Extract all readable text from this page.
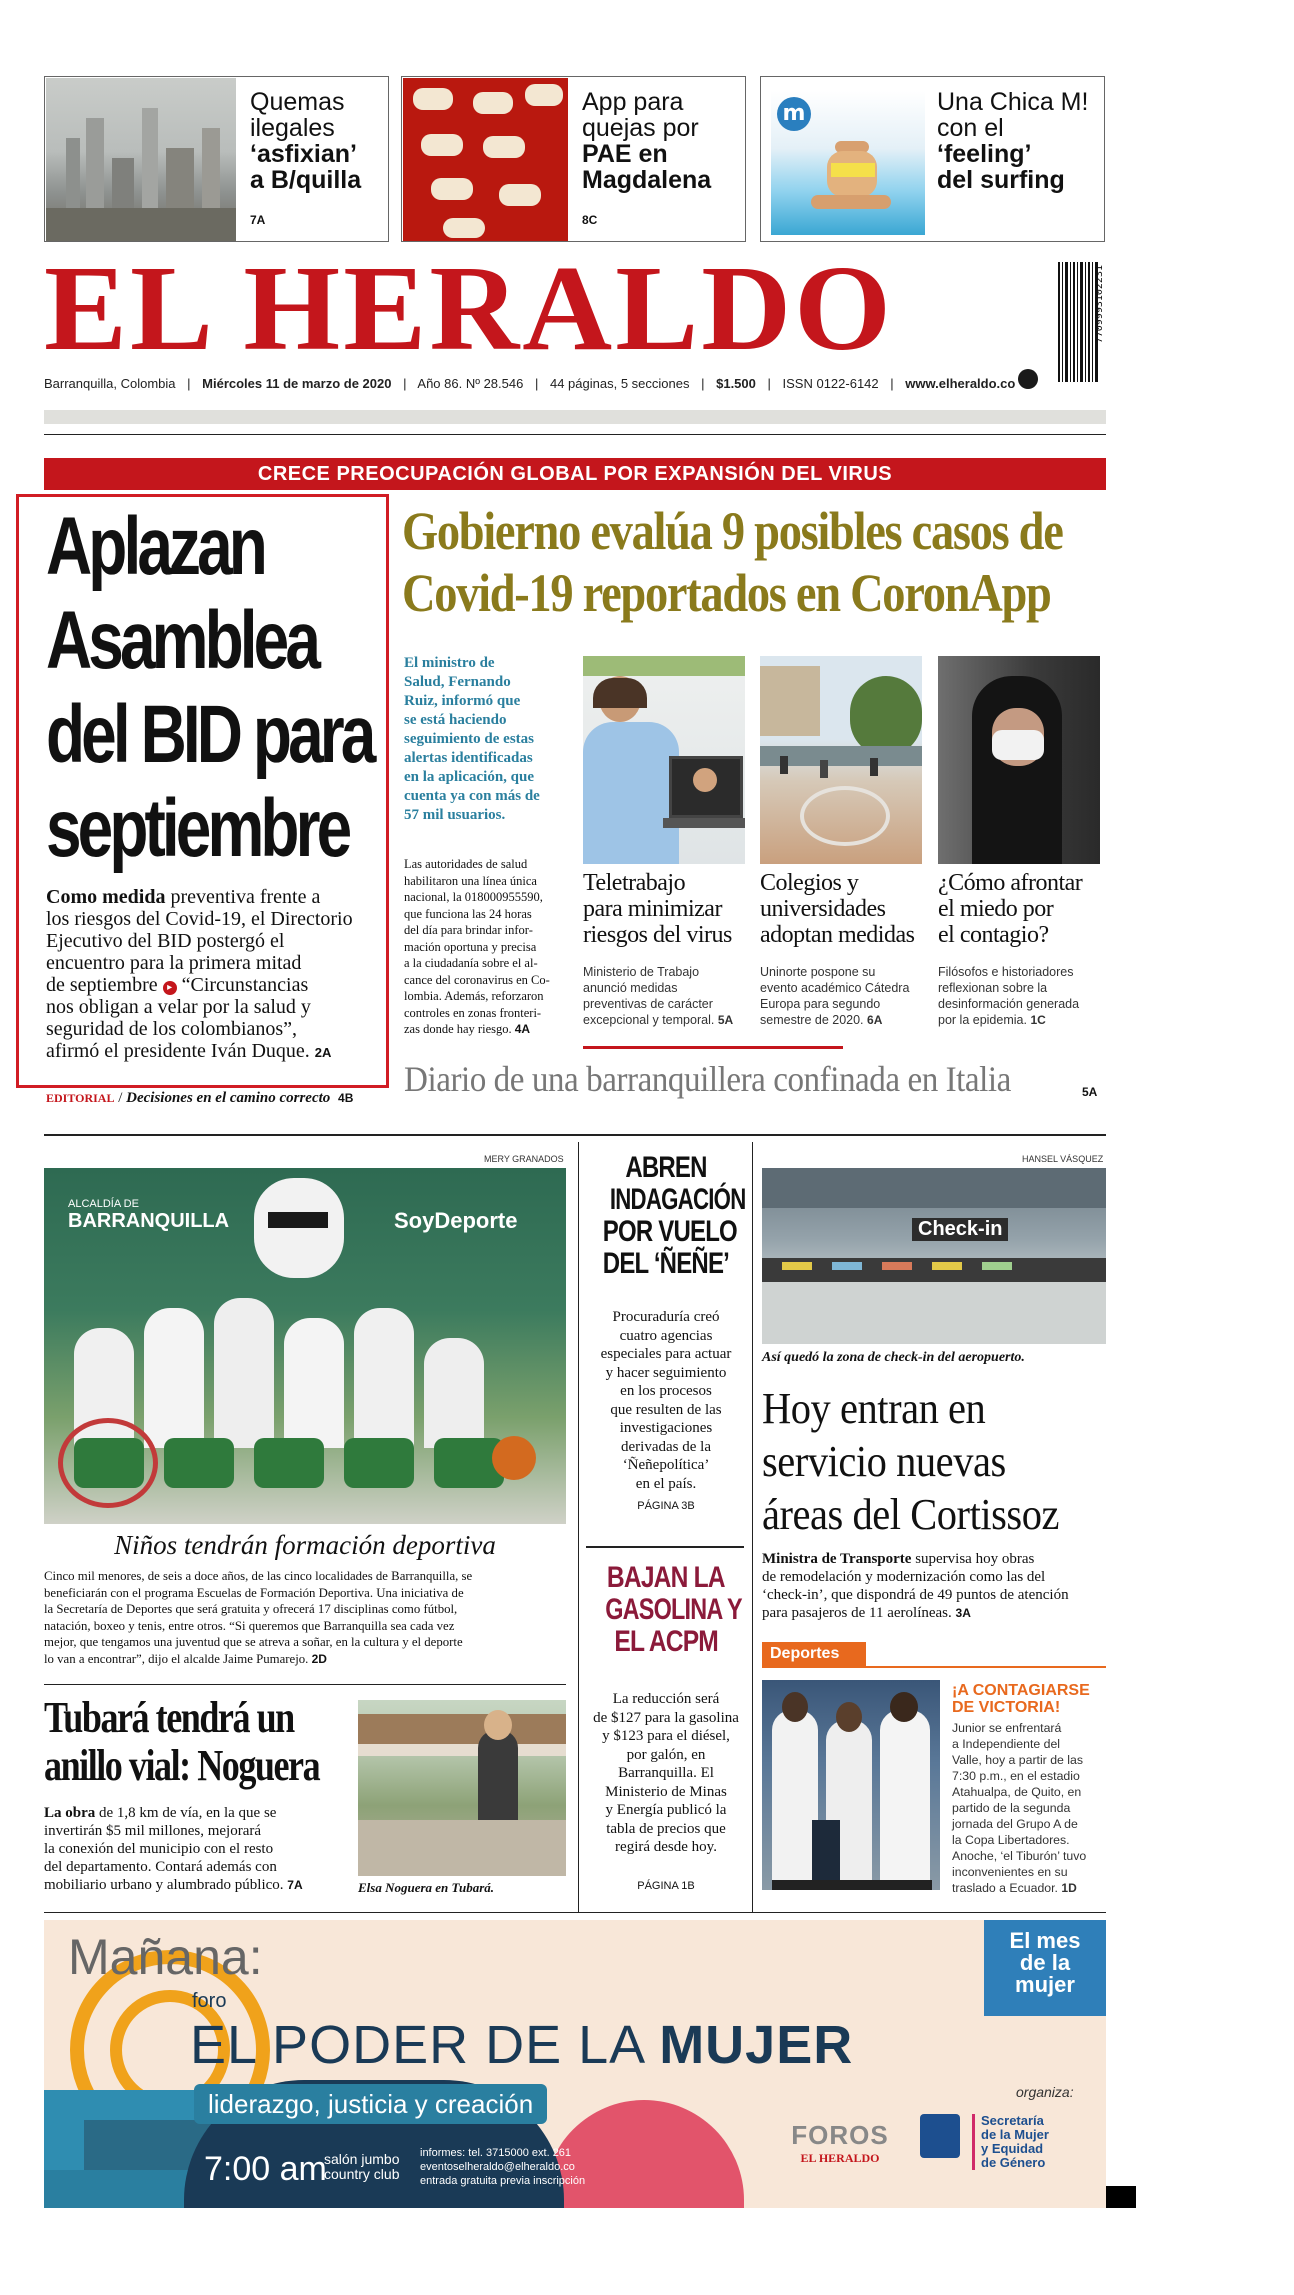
Quemas
ilegales
‘asfixian’
a B/quilla
7A
App para
quejas por
PAE en
Magdalena
8C
m	Una Chica M!
con el
‘feeling’
del surfing
EL HERALDO	7709993102231
Barranquilla, Colombia | Miércoles 11 de marzo de 2020 | Año 86. Nº 28.546 | 44 páginas, 5 secciones | $1.500 | ISSN 0122-6142 | www.elheraldo.co
CRECE PREOCUPACIÓN GLOBAL POR EXPANSIÓN DEL VIRUS
Aplazan
Asamblea
del BID para
septiembre
Como medida preventiva frente a
los riesgos del Covid-19, el Directorio
Ejecutivo del BID postergó el
encuentro para la primera mitad
de septiembre ▸ “Circunstancias
nos obligan a velar por la salud y
seguridad de los colombianos”,
afirmó el presidente Iván Duque. 2A
EDITORIAL / Decisiones en el camino correcto 4B
Gobierno evalúa 9 posibles casos de
Covid-19 reportados en CoronApp
El ministro de
Salud, Fernando
Ruiz, informó que
se está haciendo
seguimiento de estas
alertas identificadas
en la aplicación, que
cuenta ya con más de
57 mil usuarios.
Las autoridades de salud
habilitaron una línea única
nacional, la 018000955590,
que funciona las 24 horas
del día para brindar infor-
mación oportuna y precisa
a la ciudadanía sobre el al-
cance del coronavirus en Co-
lombia. Además, reforzaron
controles en zonas fronteri-
zas donde hay riesgo. 4A
Teletrabajo
para minimizar
riesgos del virus
Ministerio de Trabajo
anunció medidas
preventivas de carácter
excepcional y temporal. 5A
Colegios y
universidades
adoptan medidas
Uninorte pospone su
evento académico Cátedra
Europa para segundo
semestre de 2020. 6A
¿Cómo afrontar
el miedo por
el contagio?
Filósofos e historiadores
reflexionan sobre la
desinformación generada
por la epidemia. 1C
Diario de una barranquillera confinada en Italia	5A
MERY GRANADOS
ALCALDÍA DE
BARRANQUILLA	SoyDeporte
Niños tendrán formación deportiva
Cinco mil menores, de seis a doce años, de las cinco localidades de Barranquilla, se
beneficiarán con el programa Escuelas de Formación Deportiva. Una iniciativa de
la Secretaría de Deportes que será gratuita y ofrecerá 17 disciplinas como fútbol,
natación, boxeo y tenis, entre otros. “Si queremos que Barranquilla sea cada vez
mejor, que tengamos una juventud que se atreva a soñar, en la cultura y el deporte
lo van a encontrar”, dijo el alcalde Jaime Pumarejo. 2D
Tubará tendrá un
anillo vial: Noguera
La obra de 1,8 km de vía, en la que se
invertirán $5 mil millones, mejorará
la conexión del municipio con el resto
del departamento. Contará además con
mobiliario urbano y alumbrado público. 7A	Elsa Noguera en Tubará.
ABREN
INDAGACIÓN POR VUELO DEL ‘ÑEÑE’
Procuraduría creó
cuatro agencias
especiales para actuar
y hacer seguimiento
en los procesos
que resulten de las
investigaciones
derivadas de la
‘Ñeñepolítica’
en el país.
PÁGINA 3B
BAJAN LA GASOLINA Y EL ACPM
La reducción será
de $127 para la gasolina
y $123 para el diésel,
por galón, en
Barranquilla. El
Ministerio de Minas
y Energía publicó la
tabla de precios que
regirá desde hoy.
PÁGINA 1B
HANSEL VÁSQUEZ
Check-in
Así quedó la zona de check-in del aeropuerto.
Hoy entran en
servicio nuevas
áreas del Cortissoz
Ministra de Transporte supervisa hoy obras
de remodelación y modernización como las del
‘check-in’, que dispondrá de 49 puntos de atención
para pasajeros de 11 aerolíneas. 3A
Deportes
¡A CONTAGIARSE
DE VICTORIA!
Junior se enfrentará
a Independiente del
Valle, hoy a partir de las
7:30 p.m., en el estadio
Atahualpa, de Quito, en
partido de la segunda
jornada del Grupo A de
la Copa Libertadores.
Anoche, ‘el Tiburón’ tuvo
inconvenientes en su
traslado a Ecuador. 1D
Mañana:
foro
EL PODER DE LA MUJER
liderazgo, justicia y creación
7:00 am
salón jumbo
country club
informes: tel. 3715000 ext. 261
eventoselheraldo@elheraldo.co
entrada gratuita previa inscripción
El mes
de la
mujer
organiza:
FOROS
EL HERALDO
Secretaría
de la Mujer
y Equidad
de Género
